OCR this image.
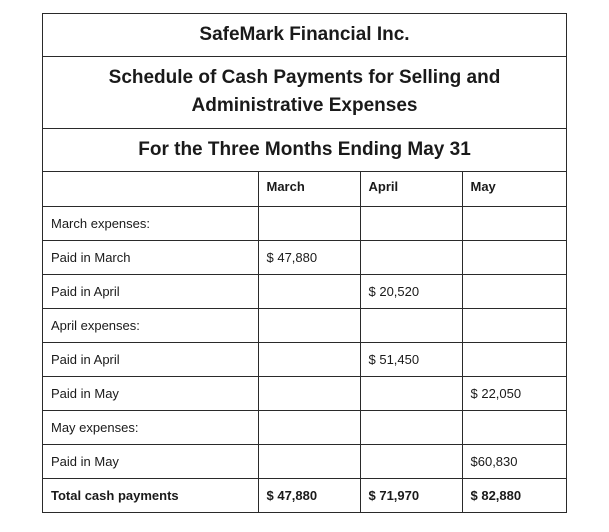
SafeMark Financial Inc.
Schedule of Cash Payments for Selling and
Administrative Expenses
For the Three Months Ending May 31
	March	April	May
March expenses:			
Paid in March	$ 47,880		
Paid in April		$ 20,520	
April expenses:			
Paid in April		$ 51,450	
Paid in May			$ 22,050
May expenses:			
Paid in May			$60,830
Total cash payments	$ 47,880	$ 71,970	$ 82,880
